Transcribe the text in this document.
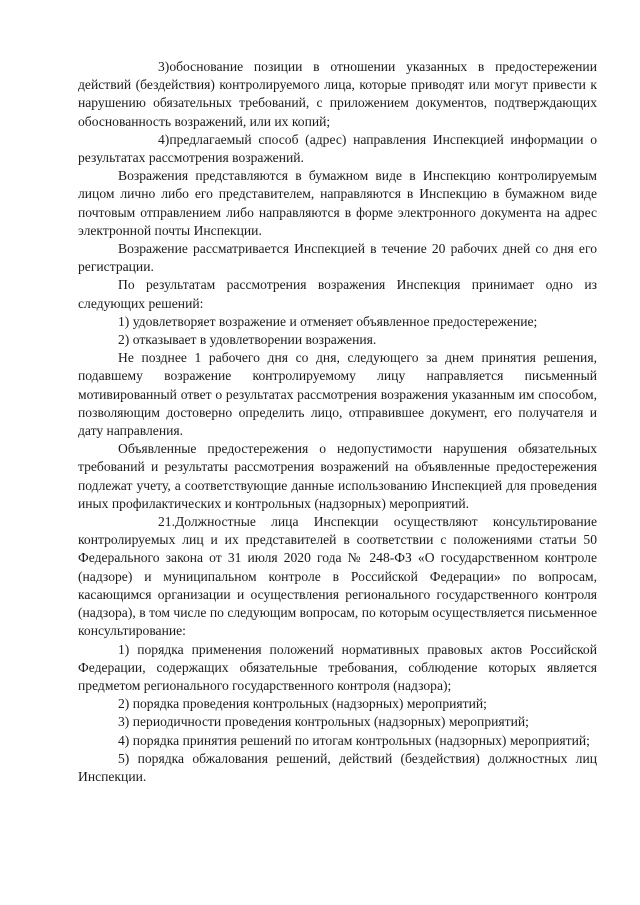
3)обоснование позиции в отношении указанных в предостережении действий (бездействия) контролируемого лица, которые приводят или могут привести к нарушению обязательных требований, с приложением документов, подтверждающих обоснованность возражений, или их копий;

4)предлагаемый способ (адрес) направления Инспекцией информации о результатах рассмотрения возражений.

Возражения представляются в бумажном виде в Инспекцию контролируемым лицом лично либо его представителем, направляются в Инспекцию в бумажном виде почтовым отправлением либо направляются в форме электронного документа на адрес электронной почты Инспекции.

Возражение рассматривается Инспекцией в течение 20 рабочих дней со дня его регистрации.

По результатам рассмотрения возражения Инспекция принимает одно из следующих решений:

1) удовлетворяет возражение и отменяет объявленное предостережение;

2) отказывает в удовлетворении возражения.

Не позднее 1 рабочего дня со дня, следующего за днем принятия решения, подавшему возражение контролируемому лицу направляется письменный мотивированный ответ о результатах рассмотрения возражения указанным им способом, позволяющим достоверно определить лицо, отправившее документ, его получателя и дату направления.

Объявленные предостережения о недопустимости нарушения обязательных требований и результаты рассмотрения возражений на объявленные предостережения подлежат учету, а соответствующие данные использованию Инспекцией для проведения иных профилактических и контрольных (надзорных) мероприятий.

21.Должностные лица Инспекции осуществляют консультирование контролируемых лиц и их представителей в соответствии с положениями статьи 50 Федерального закона от 31 июля 2020 года № 248-ФЗ «О государственном контроле (надзоре) и муниципальном контроле в Российской Федерации» по вопросам, касающимся организации и осуществления регионального государственного контроля (надзора), в том числе по следующим вопросам, по которым осуществляется письменное консультирование:

1) порядка применения положений нормативных правовых актов Российской Федерации, содержащих обязательные требования, соблюдение которых является предметом регионального государственного контроля (надзора);

2) порядка проведения контрольных (надзорных) мероприятий;

3) периодичности проведения контрольных (надзорных) мероприятий;

4) порядка принятия решений по итогам контрольных (надзорных) мероприятий;

5) порядка обжалования решений, действий (бездействия) должностных лиц Инспекции.
